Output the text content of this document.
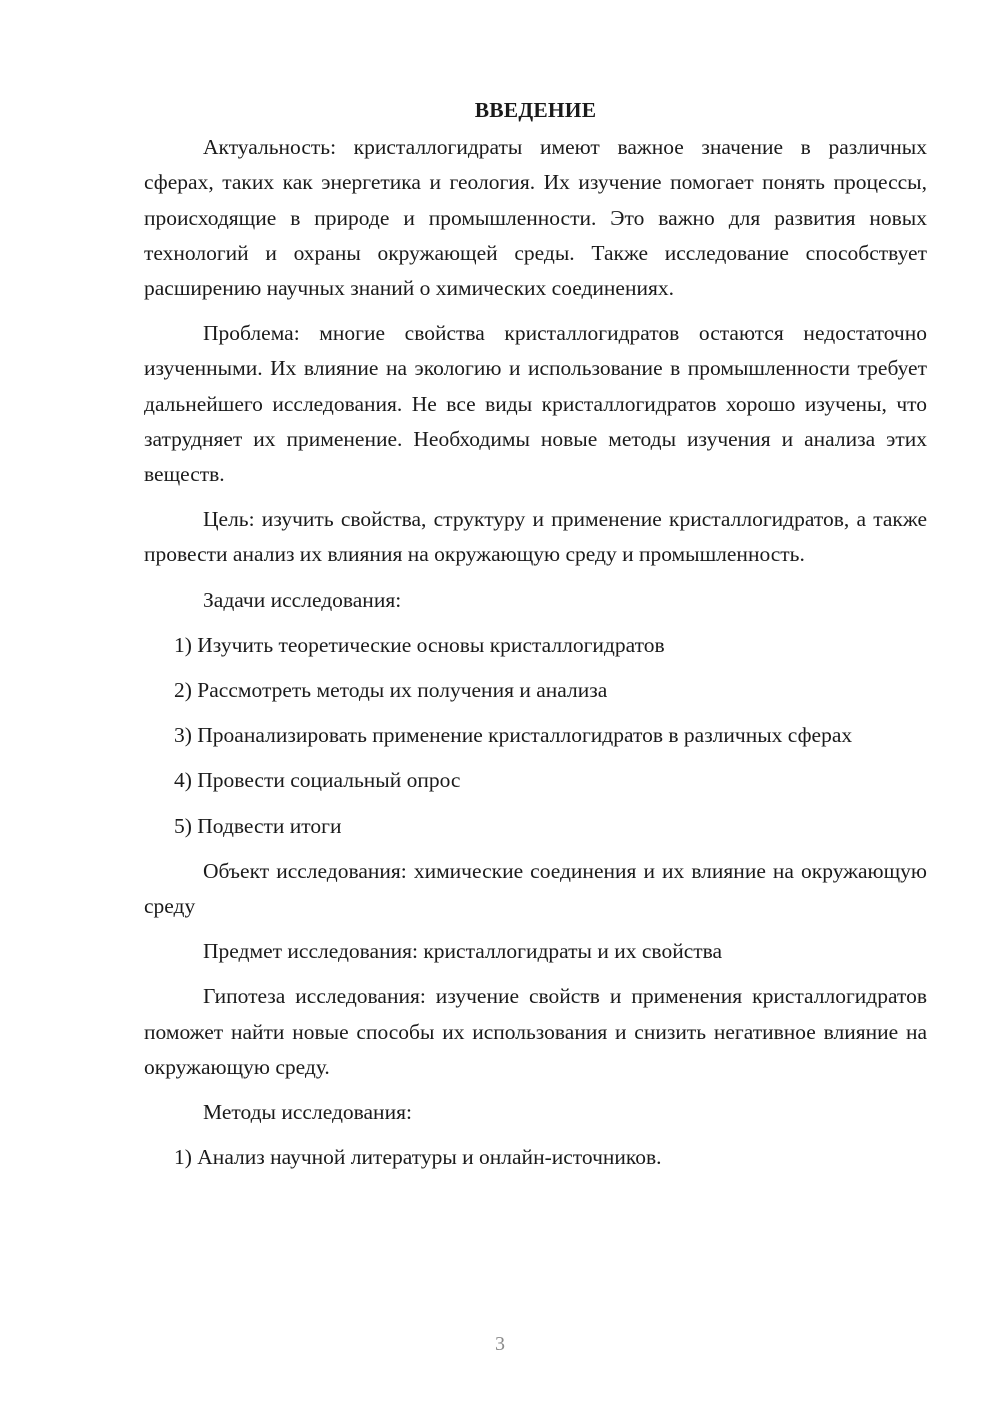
ВВЕДЕНИЕ

Актуальность: кристаллогидраты имеют важное значение в различных сферах, таких как энергетика и геология. Их изучение помогает понять процессы, происходящие в природе и промышленности. Это важно для развития новых технологий и охраны окружающей среды. Также исследование способствует расширению научных знаний о химических соединениях.

Проблема: многие свойства кристаллогидратов остаются недостаточно изученными. Их влияние на экологию и использование в промышленности требует дальнейшего исследования. Не все виды кристаллогидратов хорошо изучены, что затрудняет их применение. Необходимы новые методы изучения и анализа этих веществ.

Цель: изучить свойства, структуру и применение кристаллогидратов, а также провести анализ их влияния на окружающую среду и промышленность.

Задачи исследования:

1) Изучить теоретические основы кристаллогидратов

2) Рассмотреть методы их получения и анализа

3) Проанализировать применение кристаллогидратов в различных сферах

4) Провести социальный опрос

5) Подвести итоги

Объект исследования: химические соединения и их влияние на окружающую среду

Предмет исследования: кристаллогидраты и их свойства

Гипотеза исследования: изучение свойств и применения кристаллогидратов поможет найти новые способы их использования и снизить негативное влияние на окружающую среду.

Методы исследования:

1) Анализ научной литературы и онлайн-источников.

3
